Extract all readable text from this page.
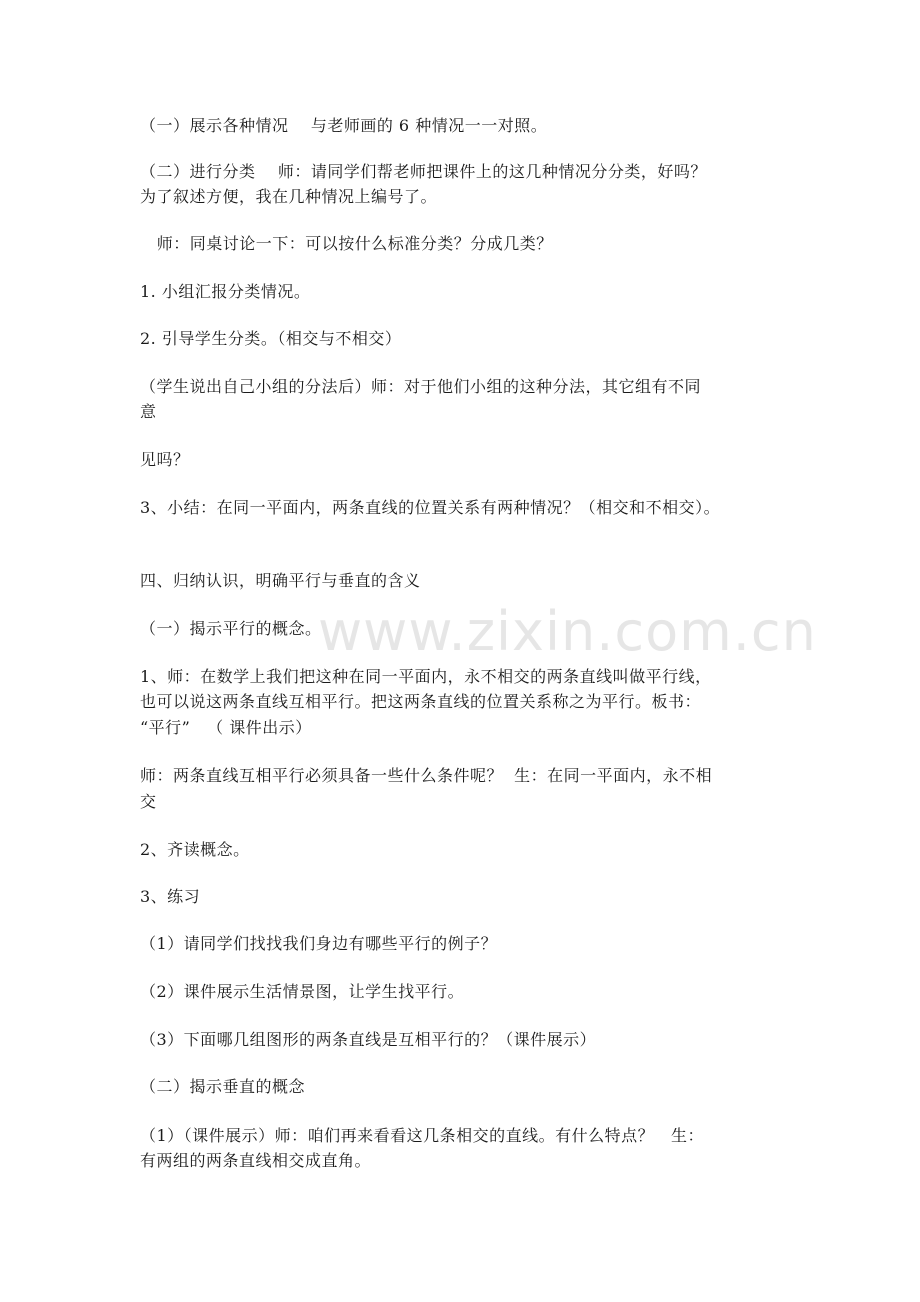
（一）展示各种情况    与老师画的 6 种情况一一对照。
（二）进行分类    师：请同学们帮老师把课件上的这几种情况分分类，好吗？
为了叙述方便，我在几种情况上编号了。
师：同桌讨论一下：可以按什么标准分类？分成几类？
1. 小组汇报分类情况。
2. 引导学生分类。（相交与不相交）
（学生说出自己小组的分法后）师：对于他们小组的这种分法，其它组有不同
意
见吗？
3、小结：在同一平面内，两条直线的位置关系有两种情况？（相交和不相交）。
四、归纳认识，明确平行与垂直的含义
（一）揭示平行的概念。
1、师：在数学上我们把这种在同一平面内，永不相交的两条直线叫做平行线，
也可以说这两条直线互相平行。把这两条直线的位置关系称之为平行。板书：
“平行”   （ 课件出示）
师：两条直线互相平行必须具备一些什么条件呢？  生：在同一平面内，永不相
交
2、齐读概念。
3、练习
（1）请同学们找找我们身边有哪些平行的例子？
（2）课件展示生活情景图，让学生找平行。
（3）下面哪几组图形的两条直线是互相平行的？（课件展示）
（二）揭示垂直的概念
（1）（课件展示）师：咱们再来看看这几条相交的直线。有什么特点？   生：
有两组的两条直线相交成直角。
www.zixin.com.cn
